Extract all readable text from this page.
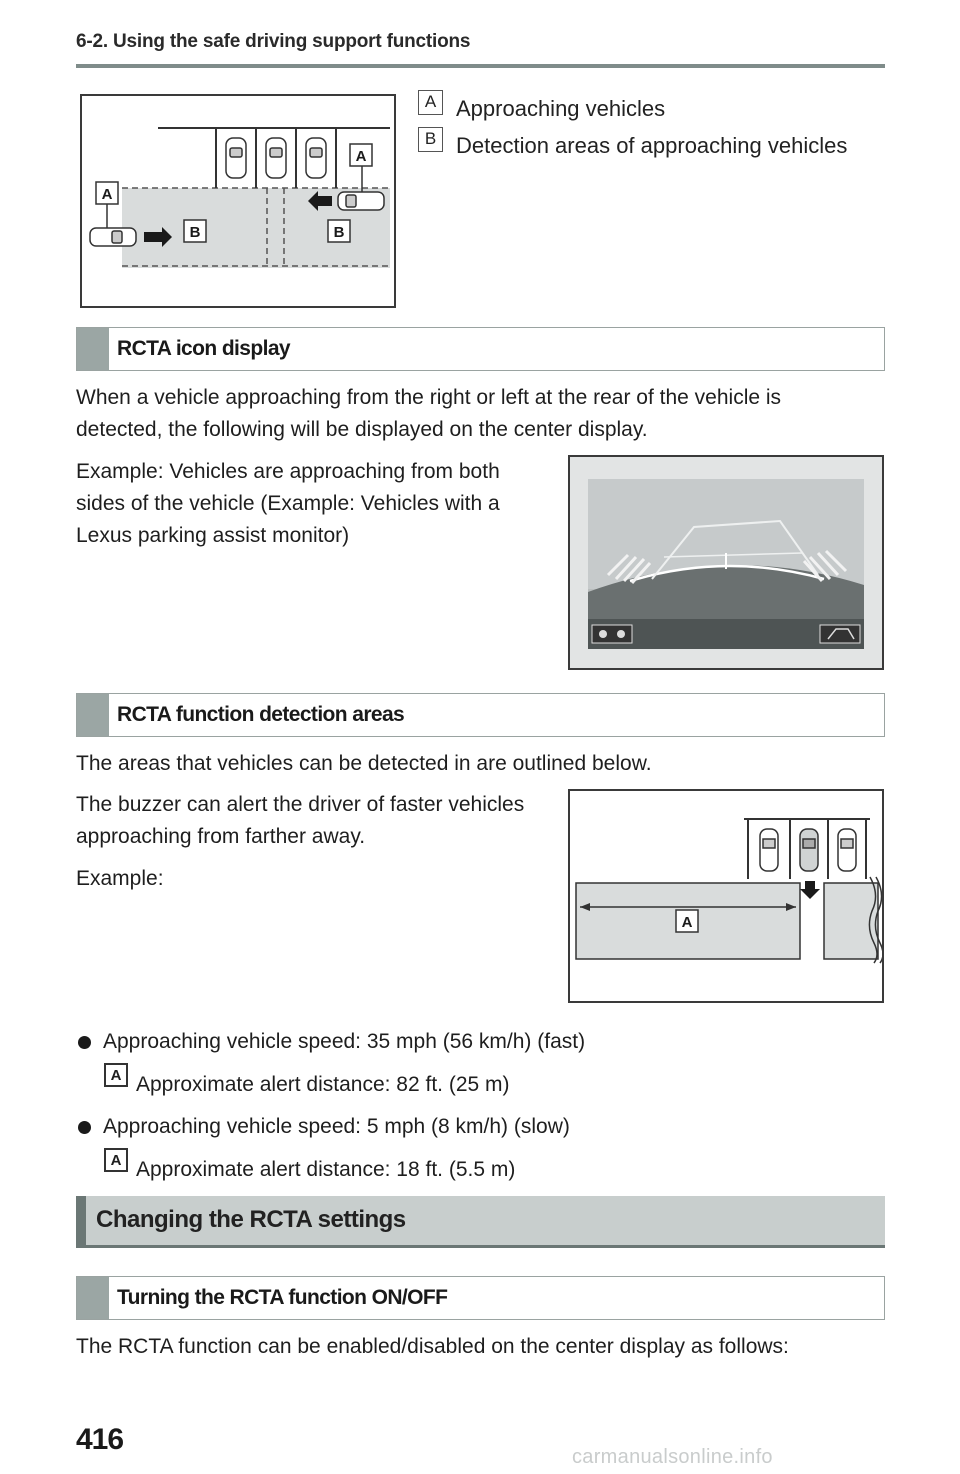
6-2. Using the safe driving support functions
A
A
B	B
A Approaching vehicles
B Detection areas of approaching vehicles
RCTA icon display
When a vehicle approaching from the right or left at the rear of the vehicle is detected, the following will be displayed on the center display.
Example: Vehicles are approaching from both sides of the vehicle (Example: Vehicles with a Lexus parking assist monitor)
RCTA function detection areas
The areas that vehicles can be detected in are outlined below.
The buzzer can alert the driver of faster vehicles approaching from farther away.
Example:
A
Approaching vehicle speed: 35 mph (56 km/h) (fast)
A Approximate alert distance: 82 ft. (25 m)
Approaching vehicle speed: 5 mph (8 km/h) (slow)
A Approximate alert distance: 18 ft. (5.5 m)
Changing the RCTA settings
Turning the RCTA function ON/OFF
The RCTA function can be enabled/disabled on the center display as follows:
416
carmanualsonline.info
